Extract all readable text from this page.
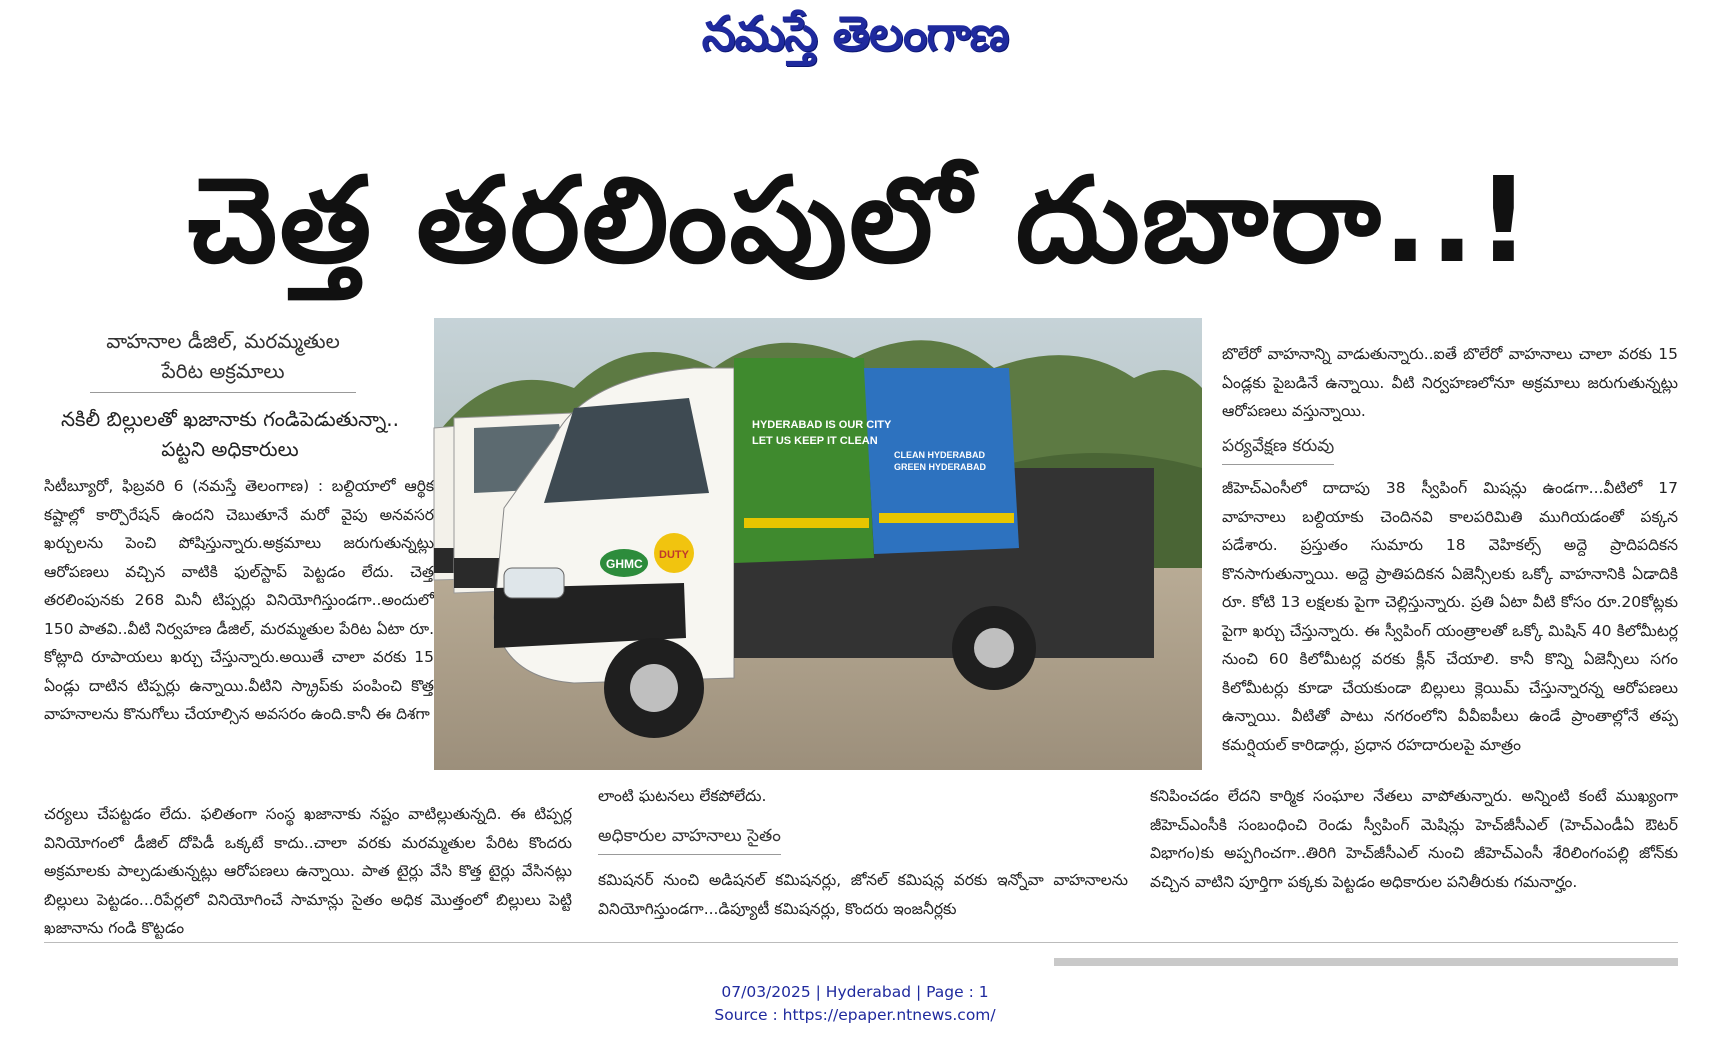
నమస్తే తెలంగాణ
చెత్త తరలింపులో దుబారా..!
వాహనాల డీజిల్, మరమ్మతుల పేరిట అక్రమాలు
నకిలీ బిల్లులతో ఖజానాకు గండిపెడుతున్నా.. పట్టని అధికారులు

సిటీబ్యూరో, ఫిబ్రవరి 6 (నమస్తే తెలంగాణ) : బల్దియాలో ఆర్థిక కష్టాల్లో కార్పొరేషన్ ఉందని చెబుతూనే మరో వైపు అనవసర ఖర్చులను పెంచి పోషిస్తున్నారు.అక్రమాలు జరుగుతున్నట్లు ఆరోపణలు వచ్చిన వాటికి ఫుల్‌స్టాప్ పెట్టడం లేదు. చెత్త తరలింపునకు 268 మినీ టిప్పర్లు వినియోగిస్తుండగా..అందులో 150 పాతవి..వీటి నిర్వహణ డీజిల్, మరమ్మతుల పేరిట ఏటా రూ. కోట్లాది రూపాయలు ఖర్చు చేస్తున్నారు.అయితే చాలా వరకు 15 ఏండ్లు దాటిన టిప్పర్లు ఉన్నాయి.వీటిని స్క్రాప్‌కు పంపించి కొత్త వాహనాలను కొనుగోలు చేయాల్సిన అవసరం ఉంది.కానీ ఈ దిశగా

చర్యలు చేపట్టడం లేదు. ఫలితంగా సంస్థ ఖజానాకు నష్టం వాటిల్లుతున్నది. ఈ టిప్పర్ల వినియోగంలో డీజిల్ దోపిడీ ఒక్కటే కాదు..చాలా వరకు మరమ్మతుల పేరిట కొందరు అక్రమాలకు పాల్పడుతున్నట్లు ఆరోపణలు ఉన్నాయి. పాత టైర్లు వేసి కొత్త టైర్లు వేసినట్లు బిల్లులు పెట్టడం...రిపేర్లలో వినియోగించే సామాన్లు సైతం అధిక మొత్తంలో బిల్లులు పెట్టి ఖజానాను గండి కొట్టడం

లాంటి ఘటనలు లేకపోలేదు.

అధికారుల వాహనాలు సైతం

కమిషనర్ నుంచి అడిషనల్ కమిషనర్లు, జోనల్ కమిషన్ల వరకు ఇన్నోవా వాహనాలను వినియోగిస్తుండగా...డిప్యూటీ కమిషనర్లు, కొందరు ఇంజనీర్లకు

బొలేరో వాహనాన్ని వాడుతున్నారు..ఐతే బొలేరో వాహనాలు చాలా వరకు 15 ఏండ్లకు పైబడినే ఉన్నాయి. వీటి నిర్వహణలోనూ అక్రమాలు జరుగుతున్నట్లు ఆరోపణలు వస్తున్నాయి.

పర్యవేక్షణ కరువు

జీహెచ్ఎంసీలో దాదాపు 38 స్వీపింగ్ మిషన్లు ఉండగా...వీటిలో 17 వాహనాలు బల్దియాకు చెందినవి కాలపరిమితి ముగియడంతో పక్కన పడేశారు. ప్రస్తుతం సుమారు 18 వెహికల్స్ అద్దె ప్రాదిపదికన కొనసాగుతున్నాయి. అద్దె ప్రాతిపదికన ఏజెన్సీలకు ఒక్కో వాహనానికి ఏడాదికి రూ. కోటి 13 లక్షలకు పైగా చెల్లిస్తున్నారు. ప్రతి ఏటా వీటి కోసం రూ.20కోట్లకు పైగా ఖర్చు చేస్తున్నారు. ఈ స్వీపింగ్ యంత్రాలతో ఒక్కో మిషిన్ 40 కిలోమీటర్ల నుంచి 60 కిలోమీటర్ల వరకు క్లీన్ చేయాలి. కానీ కొన్ని ఏజెన్సీలు సగం కిలోమీటర్లు కూడా చేయకుండా బిల్లులు క్లెయిమ్ చేస్తున్నారన్న ఆరోపణలు ఉన్నాయి. వీటితో పాటు నగరంలోని వీవీఐపీలు ఉండే ప్రాంతాల్లోనే తప్ప కమర్షియల్ కారిడార్లు, ప్రధాన రహదారులపై మాత్రం

కనిపించడం లేదని కార్మిక సంఘాల నేతలు వాపోతున్నారు. అన్నింటి కంటే ముఖ్యంగా జీహెచ్ఎంసీకి సంబంధించి రెండు స్వీపింగ్ మెషిన్లు హెచ్‌జీసీఎల్ (హెచ్ఎండీఏ ఔటర్ విభాగం)కు అప్పగించగా..తిరిగి హెచ్‌జీసీఎల్ నుంచి జీహెచ్ఎంసీ శేరిలింగంపల్లి జోన్‌కు వచ్చిన వాటిని పూర్తిగా పక్కకు పెట్టడం అధికారుల పనితీరుకు గమనార్హం.

HYDERABAD IS OUR CITY
LET US KEEP IT CLEAN
CLEAN HYDERABAD
GREEN HYDERABAD
GHMC
DUTY
07/03/2025 | Hyderabad | Page : 1
Source : https://epaper.ntnews.com/
